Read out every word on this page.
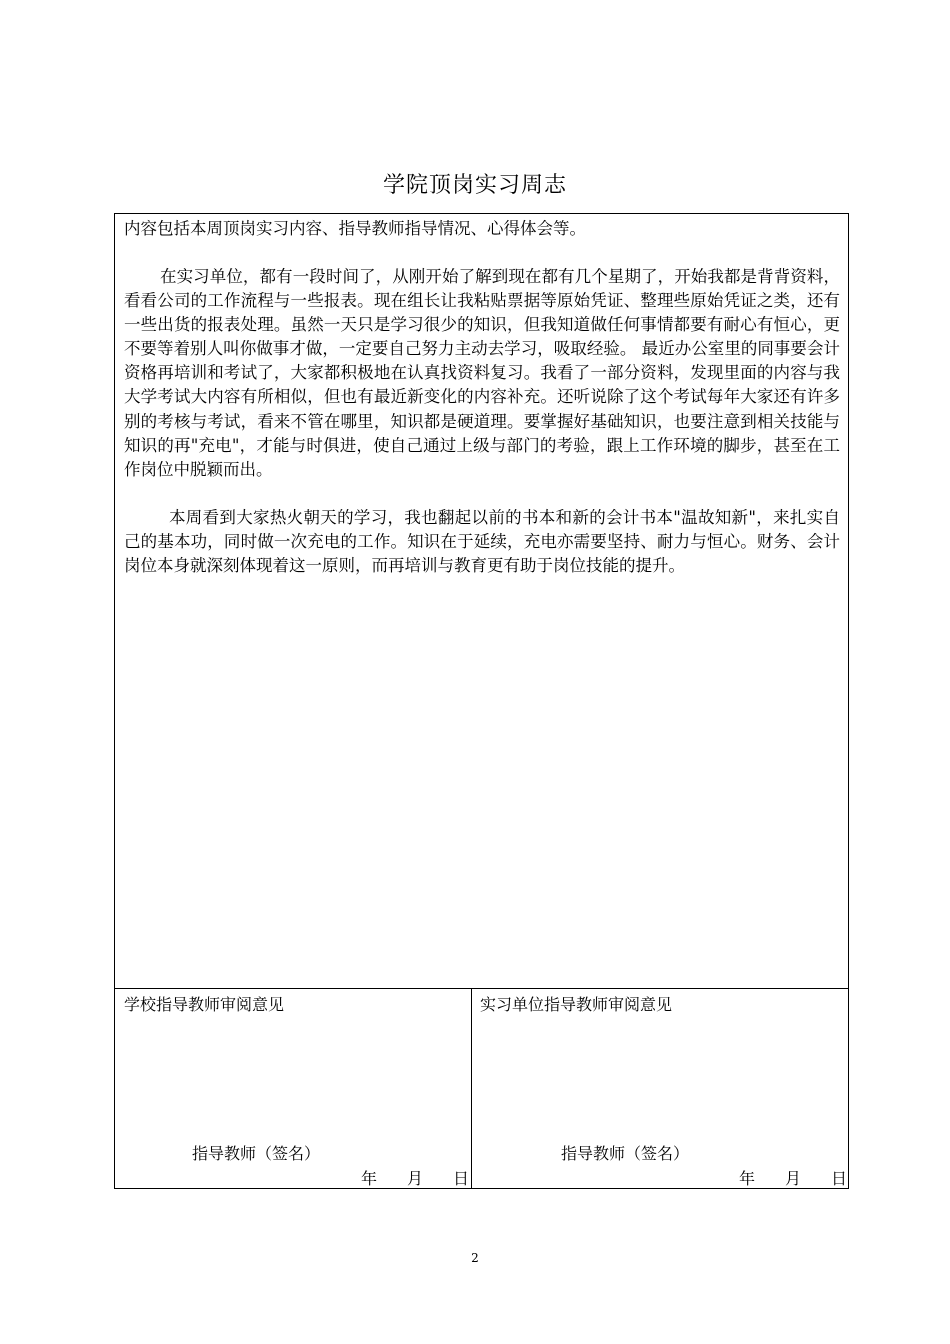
学院顶岗实习周志

内容包括本周顶岗实习内容、指导教师指导情况、心得体会等。

在实习单位，都有一段时间了，从刚开始了解到现在都有几个星期了，开始我都是背背资料，看看公司的工作流程与一些报表。现在组长让我粘贴票据等原始凭证、整理些原始凭证之类，还有一些出货的报表处理。虽然一天只是学习很少的知识，但我知道做任何事情都要有耐心有恒心，更不要等着别人叫你做事才做，一定要自己努力主动去学习，吸取经验。 最近办公室里的同事要会计资格再培训和考试了，大家都积极地在认真找资料复习。我看了一部分资料，发现里面的内容与我大学考试大内容有所相似，但也有最近新变化的内容补充。还听说除了这个考试每年大家还有许多别的考核与考试，看来不管在哪里，知识都是硬道理。要掌握好基础知识，也要注意到相关技能与知识的再"充电"，才能与时俱进，使自己通过上级与部门的考验，跟上工作环境的脚步，甚至在工作岗位中脱颖而出。

本周看到大家热火朝天的学习，我也翻起以前的书本和新的会计书本"温故知新"，来扎实自己的基本功，同时做一次充电的工作。知识在于延续，充电亦需要坚持、耐力与恒心。财务、会计岗位本身就深刻体现着这一原则，而再培训与教育更有助于岗位技能的提升。

学校指导教师审阅意见
指导教师（签名）
年	月	日
实习单位指导教师审阅意见
指导教师（签名）
年	月	日
2
